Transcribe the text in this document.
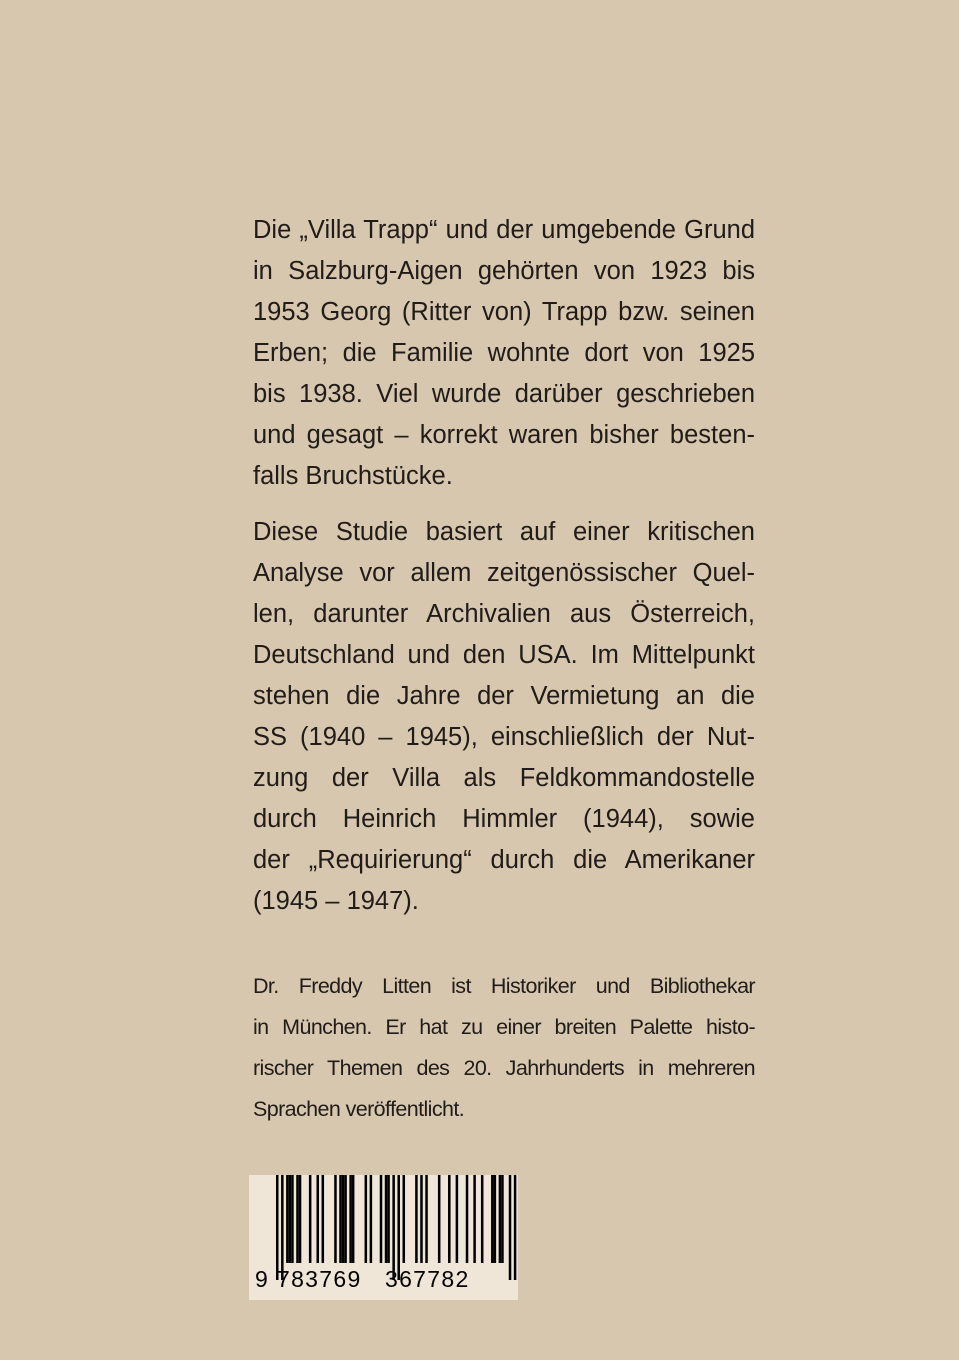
Die „Villa Trapp“ und der umgebende Grund
in Salzburg-Aigen gehörten von 1923 bis
1953 Georg (Ritter von) Trapp bzw. seinen
Erben; die Familie wohnte dort von 1925
bis 1938. Viel wurde darüber geschrieben
und gesagt – korrekt waren bisher besten-
falls Bruchstücke.
Diese Studie basiert auf einer kritischen
Analyse vor allem zeitgenössischer Quel-
len, darunter Archivalien aus Österreich,
Deutschland und den USA. Im Mittelpunkt
stehen die Jahre der Vermietung an die
SS (1940 – 1945), einschließlich der Nut-
zung der Villa als Feldkommandostelle
durch Heinrich Himmler (1944), sowie
der „Requirierung“ durch die Amerikaner
(1945 – 1947).
Dr. Freddy Litten ist Historiker und Bibliothekar
in München. Er hat zu einer breiten Palette histo-
rischer Themen des 20. Jahrhunderts in mehreren
Sprachen veröffentlicht.
9 783769 367782
